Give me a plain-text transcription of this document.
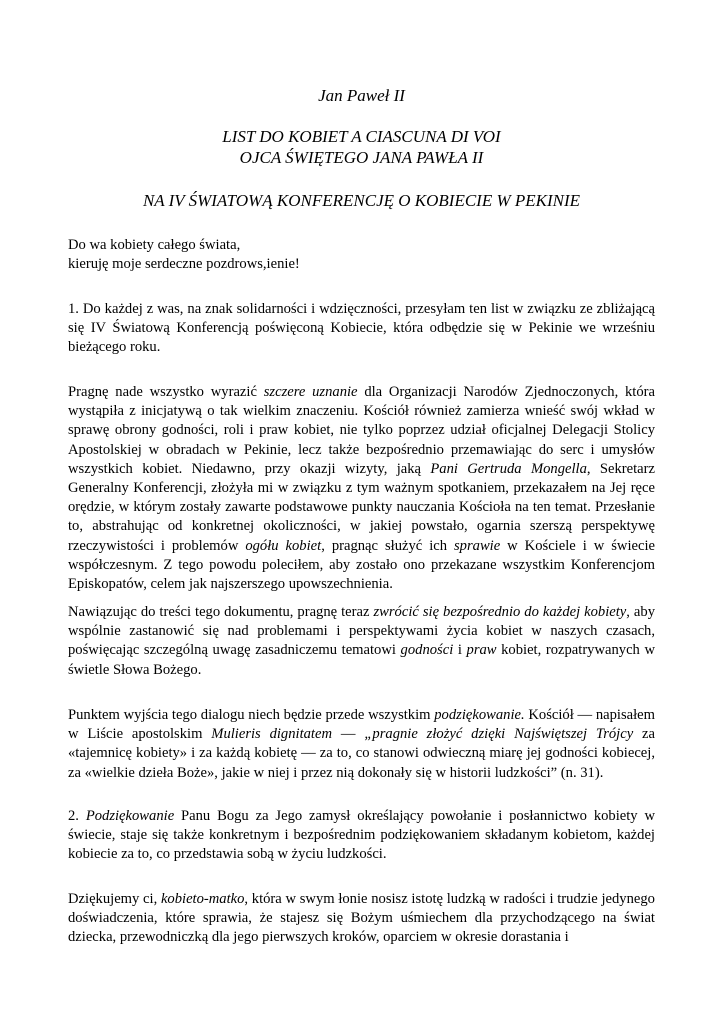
Jan Paweł II
LIST DO KOBIET A CIASCUNA DI VOI
OJCA ŚWIĘTEGO JANA PAWŁA II
NA IV ŚWIATOWĄ KONFERENCJĘ O KOBIECIE W PEKINIE
Do wa kobiety całego świata,
kieruję moje serdeczne pozdrows,ienie!
1. Do każdej z was, na znak solidarności i wdzięczności, przesyłam ten list w związku ze zbliżającą się IV Światową Konferencją poświęconą Kobiecie, która odbędzie się w Pekinie we wrześniu bieżącego roku.
Pragnę nade wszystko wyrazić szczere uznanie dla Organizacji Narodów Zjednoczonych, która wystąpiła z inicjatywą o tak wielkim znaczeniu. Kościół również zamierza wnieść swój wkład w sprawę obrony godności, roli i praw kobiet, nie tylko poprzez udział oficjalnej Delegacji Stolicy Apostolskiej w obradach w Pekinie, lecz także bezpośrednio przemawiając do serc i umysłów wszystkich kobiet. Niedawno, przy okazji wizyty, jaką Pani Gertruda Mongella, Sekretarz Generalny Konferencji, złożyła mi w związku z tym ważnym spotkaniem, przekazałem na Jej ręce orędzie, w którym zostały zawarte podstawowe punkty nauczania Kościoła na ten temat. Przesłanie to, abstrahując od konkretnej okoliczności, w jakiej powstało, ogarnia szerszą perspektywę rzeczywistości i problemów ogółu kobiet, pragnąc służyć ich sprawie w Kościele i w świecie współczesnym. Z tego powodu poleciłem, aby zostało ono przekazane wszystkim Konferencjom Episkopatów, celem jak najszerszego upowszechnienia.
Nawiązując do treści tego dokumentu, pragnę teraz zwrócić się bezpośrednio do każdej kobiety, aby wspólnie zastanowić się nad problemami i perspektywami życia kobiet w naszych czasach, poświęcając szczególną uwagę zasadniczemu tematowi godności i praw kobiet, rozpatrywanych w świetle Słowa Bożego.
Punktem wyjścia tego dialogu niech będzie przede wszystkim podziękowanie. Kościół — napisałem w Liście apostolskim Mulieris dignitatem — „pragnie złożyć dzięki Najświętszej Trójcy za «tajemnicę kobiety» i za każdą kobietę — za to, co stanowi odwieczną miarę jej godności kobiecej, za «wielkie dzieła Boże», jakie w niej i przez nią dokonały się w historii ludzkości” (n. 31).
2. Podziękowanie Panu Bogu za Jego zamysł określający powołanie i posłannictwo kobiety w świecie, staje się także konkretnym i bezpośrednim podziękowaniem składanym kobietom, każdej kobiecie za to, co przedstawia sobą w życiu ludzkości.
Dziękujemy ci, kobieto-matko, która w swym łonie nosisz istotę ludzką w radości i trudzie jedynego doświadczenia, które sprawia, że stajesz się Bożym uśmiechem dla przychodzącego na świat dziecka, przewodniczką dla jego pierwszych kroków, oparciem w okresie dorastania i
